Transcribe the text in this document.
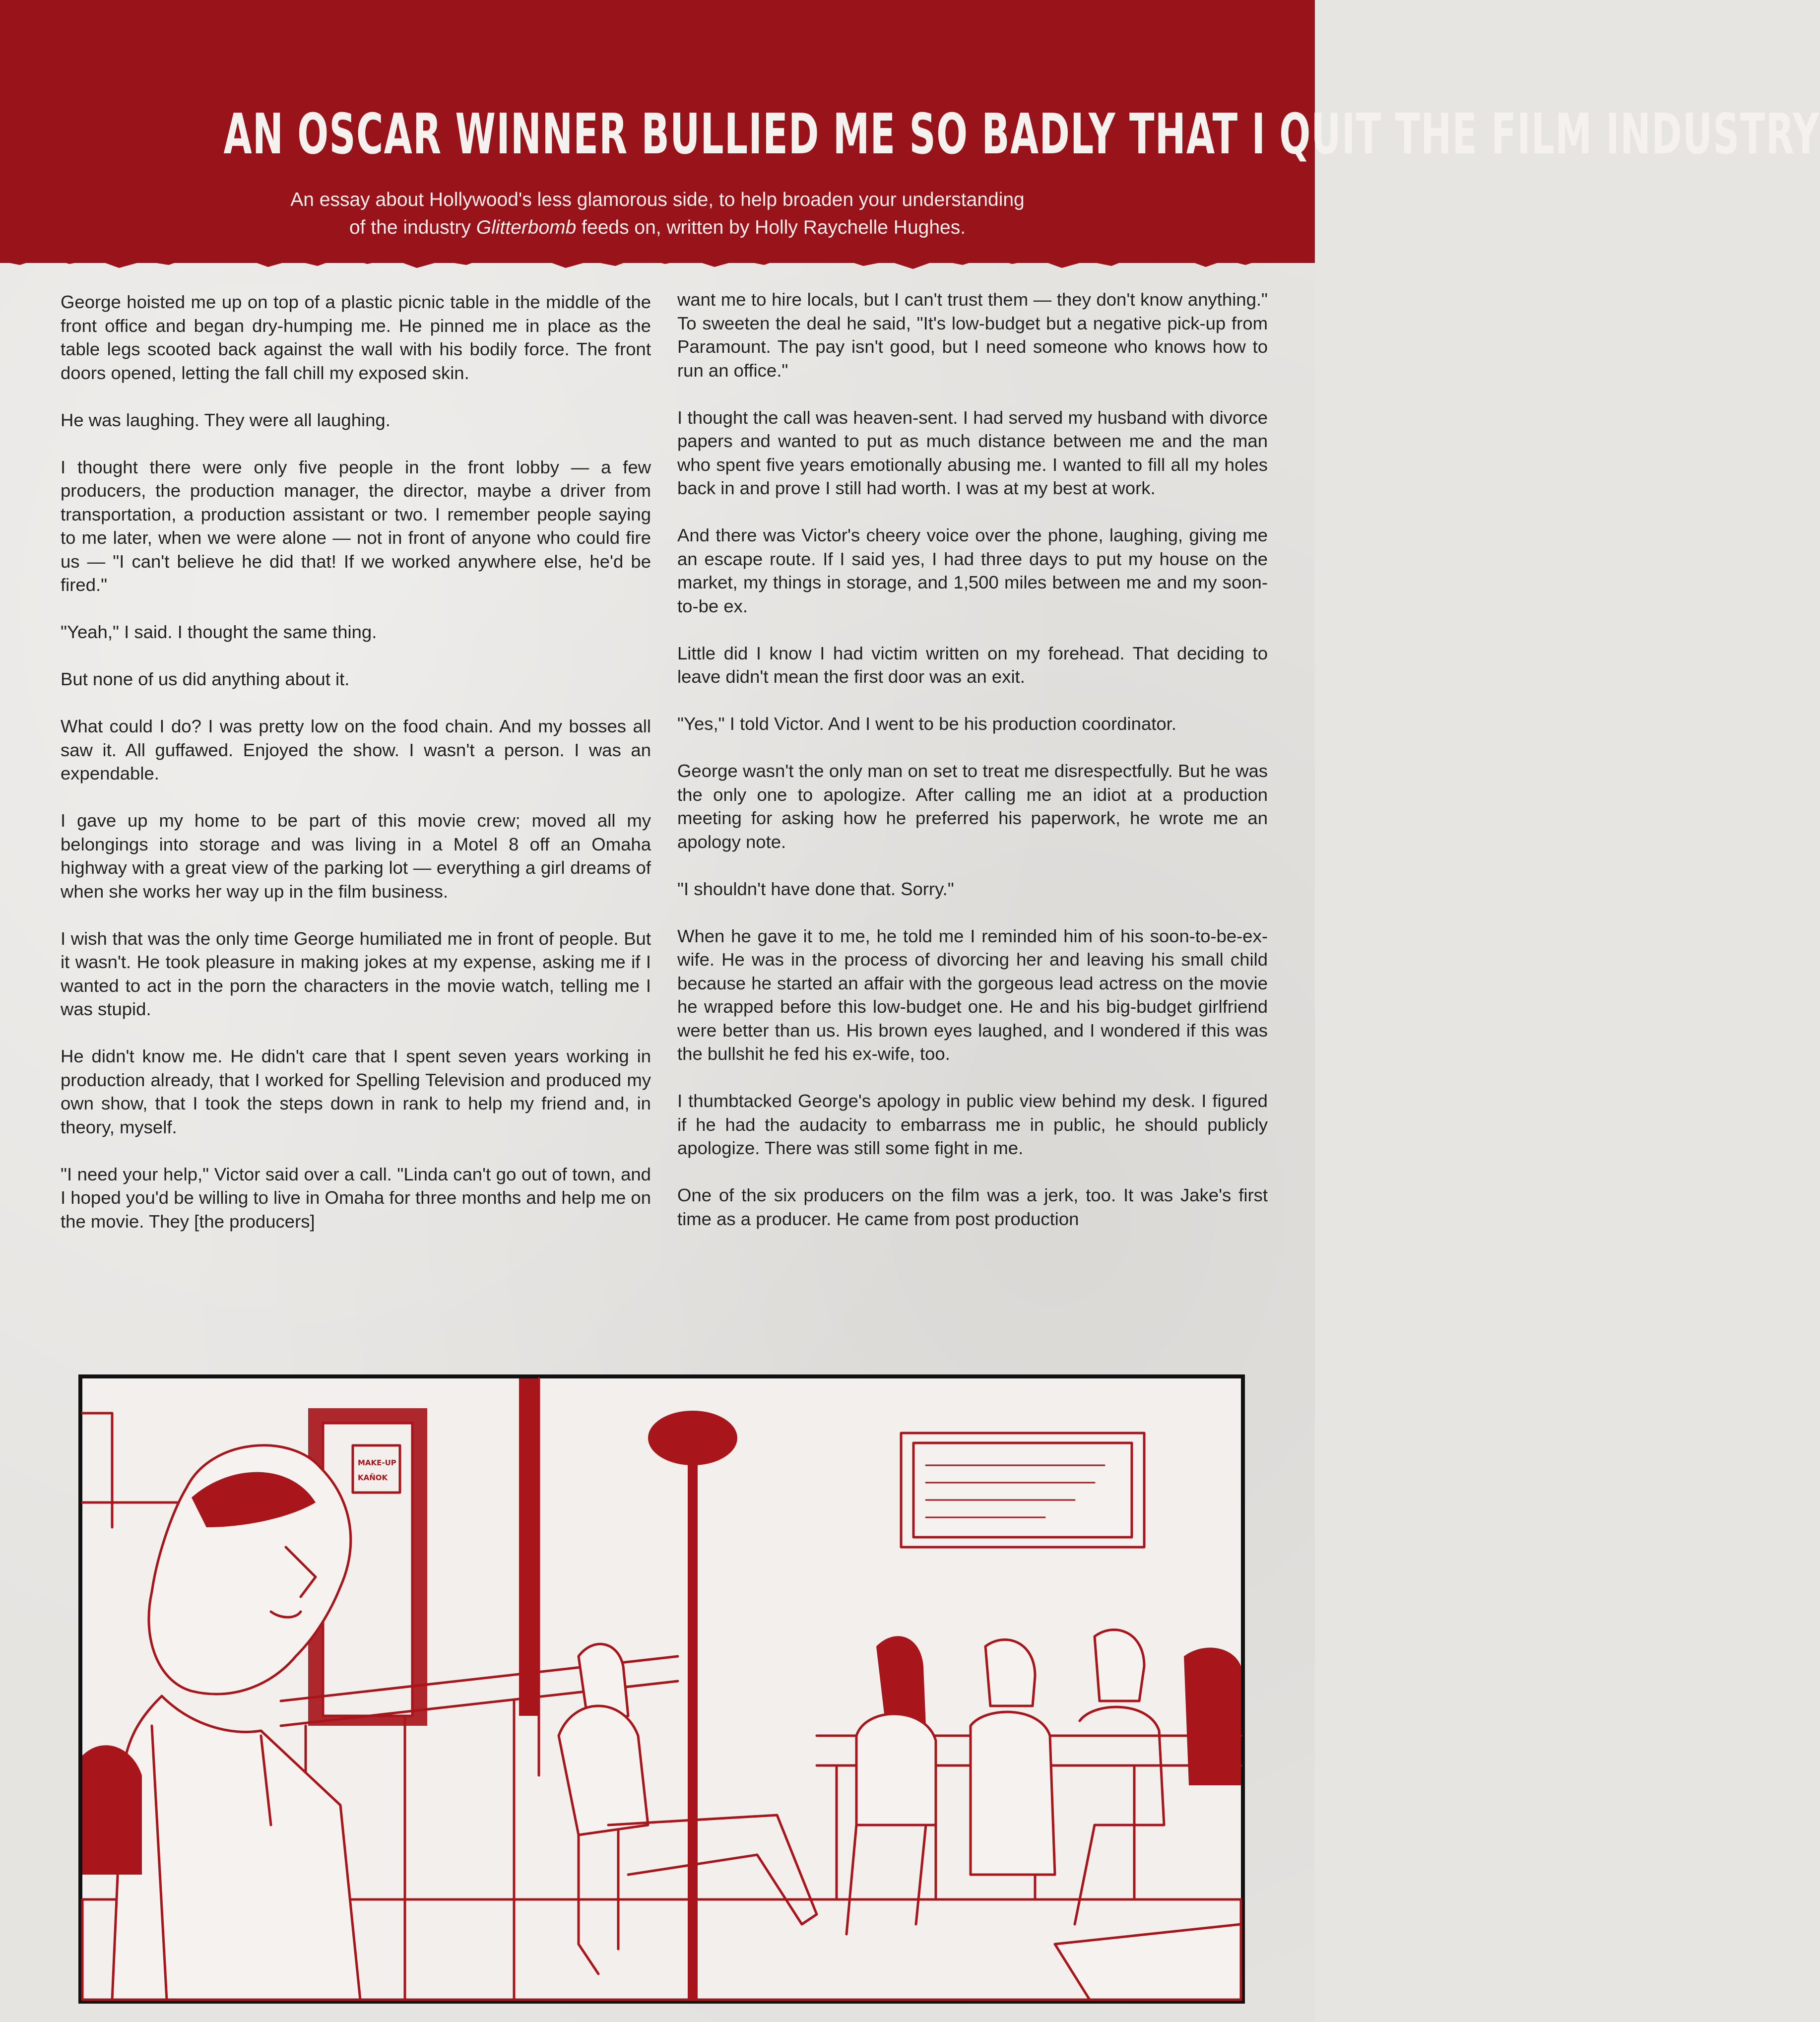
AN OSCAR WINNER BULLIED ME SO BADLY THAT I QUIT THE FILM INDUSTRY
An essay about Hollywood's less glamorous side, to help broaden your understanding
of the industry Glitterbomb feeds on, written by Holly Raychelle Hughes.

George hoisted me up on top of a plastic picnic table in the middle of the front office and began dry-humping me. He pinned me in place as the table legs scooted back against the wall with his bodily force. The front doors opened, letting the fall chill my exposed skin.

He was laughing. They were all laughing.

I thought there were only five people in the front lobby — a few producers, the production manager, the director, maybe a driver from transportation, a production assistant or two. I remember people saying to me later, when we were alone — not in front of anyone who could fire us — "I can't believe he did that! If we worked anywhere else, he'd be fired."

"Yeah," I said. I thought the same thing.

But none of us did anything about it.

What could I do? I was pretty low on the food chain. And my bosses all saw it. All guffawed. Enjoyed the show. I wasn't a person. I was an expendable.

I gave up my home to be part of this movie crew; moved all my belongings into storage and was living in a Motel 8 off an Omaha highway with a great view of the parking lot — everything a girl dreams of when she works her way up in the film business.

I wish that was the only time George humiliated me in front of people. But it wasn't. He took pleasure in making jokes at my expense, asking me if I wanted to act in the porn the characters in the movie watch, telling me I was stupid.

He didn't know me. He didn't care that I spent seven years working in production already, that I worked for Spelling Television and produced my own show, that I took the steps down in rank to help my friend and, in theory, myself.

"I need your help," Victor said over a call. "Linda can't go out of town, and I hoped you'd be willing to live in Omaha for three months and help me on the movie. They [the producers]

want me to hire locals, but I can't trust them — they don't know anything." To sweeten the deal he said, "It's low-budget but a negative pick-up from Paramount. The pay isn't good, but I need someone who knows how to run an office."

I thought the call was heaven-sent. I had served my husband with divorce papers and wanted to put as much distance between me and the man who spent five years emotionally abusing me. I wanted to fill all my holes back in and prove I still had worth. I was at my best at work.

And there was Victor's cheery voice over the phone, laughing, giving me an escape route. If I said yes, I had three days to put my house on the market, my things in storage, and 1,500 miles between me and my soon-to-be ex.

Little did I know I had victim written on my forehead. That deciding to leave didn't mean the first door was an exit.

"Yes," I told Victor. And I went to be his production coordinator.

George wasn't the only man on set to treat me disrespectfully. But he was the only one to apologize. After calling me an idiot at a production meeting for asking how he preferred his paperwork, he wrote me an apology note.

"I shouldn't have done that. Sorry."

When he gave it to me, he told me I reminded him of his soon-to-be-ex-wife. He was in the process of divorcing her and leaving his small child because he started an affair with the gorgeous lead actress on the movie he wrapped before this low-budget one. He and his big-budget girlfriend were better than us. His brown eyes laughed, and I wondered if this was the bullshit he fed his ex-wife, too.

I thumbtacked George's apology in public view behind my desk. I figured if he had the audacity to embarrass me in public, he should publicly apologize. There was still some fight in me.

One of the six producers on the film was a jerk, too. It was Jake's first time as a producer. He came from post production

MAKE-UP
KAÑOK
